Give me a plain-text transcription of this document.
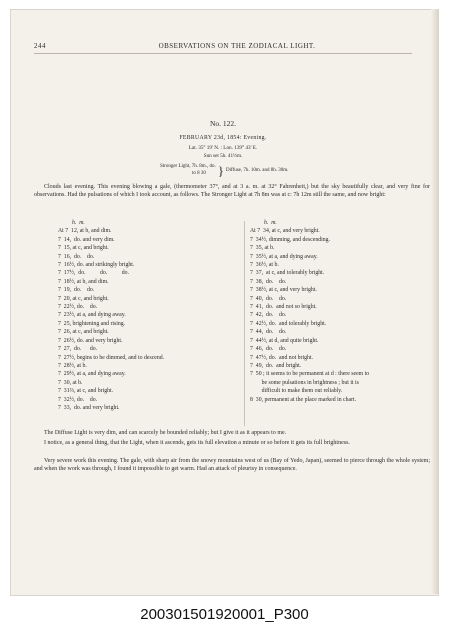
244	OBSERVATIONS ON THE ZODIACAL LIGHT.
No. 122.
FEBRUARY 23d, 1854: Evening.
Lat. 35° 19' N. : Lon. 139° 43' E.
Sun set 5h. 41½m.
Stronger Light, 7h. 8m., do.
to 8 30 } Diffuse, 7h. 10m. and 8h. 30m.
Clouds last evening. This evening blowing a gale, (thermometer 37°, and at 3 a. m. at 32° Fahrenheit,) but the sky beautifully clear, and very fine for observations. Had the pulsations of which I took account, as follows. The Stronger Light at 7h 8m was at c: 7h 12m still the same, and now bright:
h.  m.
At 7  12, at b, and dim.
7  14,  do. and very dim.
7  15, at c, and bright.
7  16,  do.    do.
7  16½, do. and strikingly bright.
7  17½,  do.          do.          do.
7  18½, at b, and dim.
7  19,  do.    do.
7  20, at c, and bright.
7  22½, do.    do.
7  23½, at a, and dying away.
7  25, brightening and rising.
7  26, at c, and bright.
7  26½, do. and very bright.
7  27,  do.      do.
7  27½, begins to be dimmed, and to descend.
7  28½, at b.
7  29½, at a, and dying away.
7  30, at b.
7  31⅔, at c, and bright.
7  32½, do.    do.
7  33,  do. and very bright.
h.  m.
At 7  34, at c, and very bright.
7  34½, dimming, and descending.
7  35, at b.
7  35½, at a, and dying away.
7  36½, at b.
7  37,  at c, and tolerably bright.
7  38,  do.    do.
7  38½, at c, and very bright.
7  40,  do.    do.
7  41,  do.  and not so bright.
7  42,  do.    do.
7  42½, do.  and tolerably bright.
7  44,  do.    do.
7  44½, at d, and quite bright.
7  46,  do.    do.
7  47½, do.  and not bright.
7  49,  do.  and bright.
7  50 ; it seems to be permanent at d : there seem to
be some pulsations in brightness ; but it is
difficult to make them out reliably.
8  30, permanent at the place marked in chart.
The Diffuse Light is very dim, and can scarcely be bounded reliably; but I give it as it appears to me.
I notice, as a general thing, that the Light, when it ascends, gets its full elevation a minute or so before it gets its full brightness.
Very severe work this evening. The gale, with sharp air from the snowy mountains west of us (Bay of Yedo, Japan), seemed to pierce through the whole system; and when the work was through, I found it impossible to get warm. Had an attack of pleurisy in consequence.
200301501920001_P300
